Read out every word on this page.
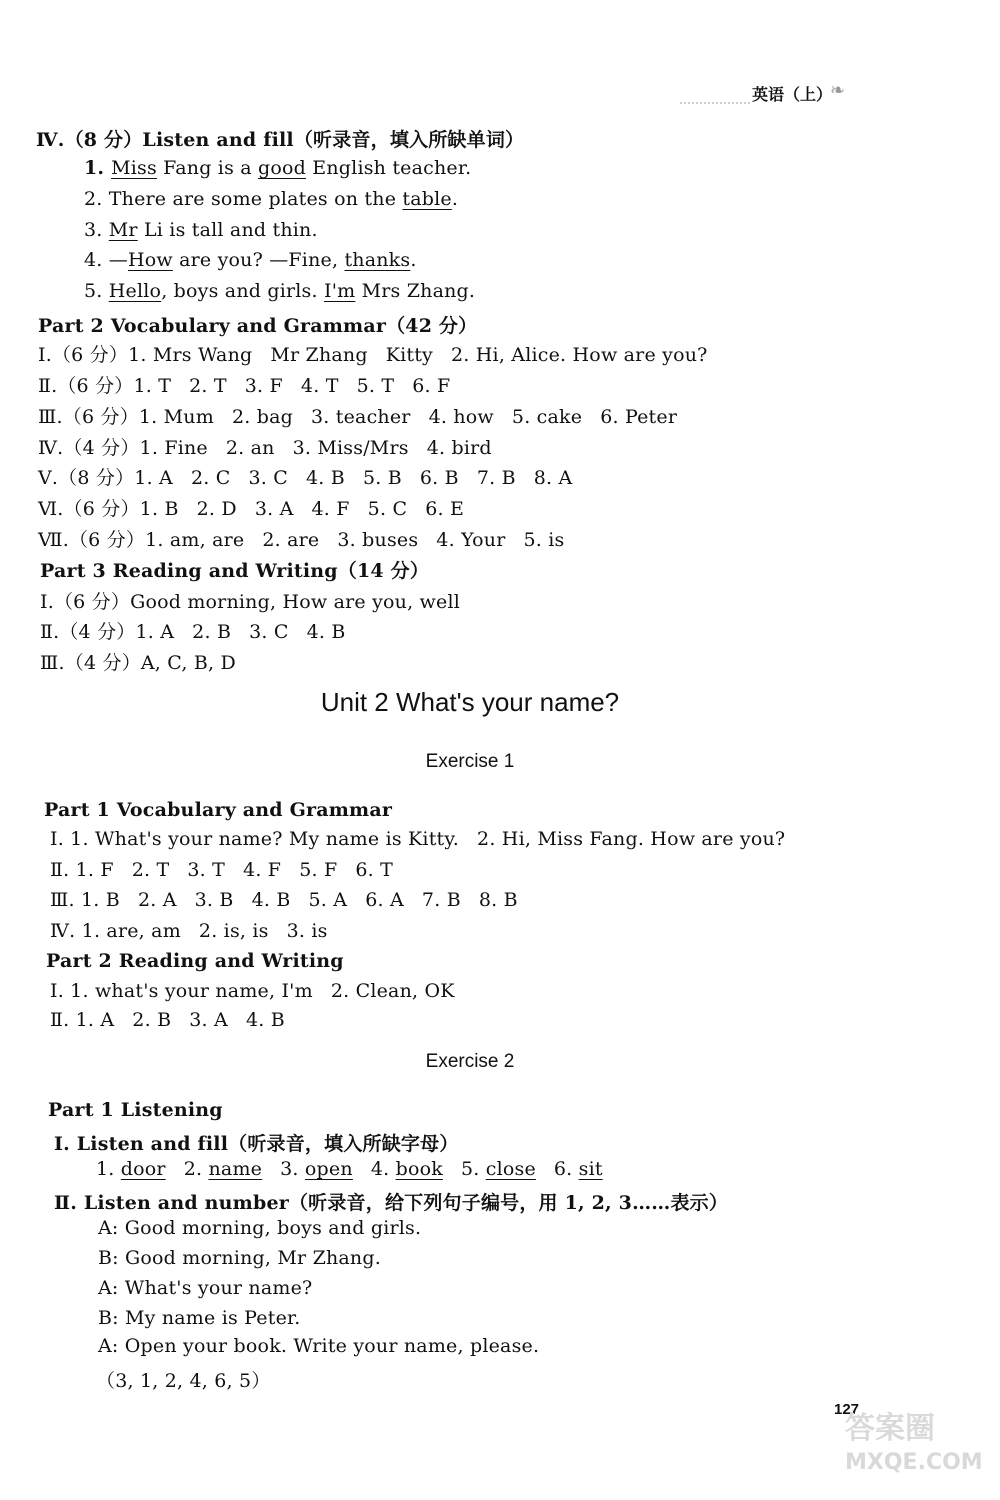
英语（上）
❧
Ⅳ.（8 分）Listen and fill（听录音，填入所缺单词）
1. Miss Fang is a good English teacher.
2. There are some plates on the table.
3. Mr Li is tall and thin.
4. —How are you? —Fine, thanks.
5. Hello, boys and girls. I'm Mrs Zhang.
Part 2 Vocabulary and Grammar（42 分）
Ⅰ.（6 分）1. Mrs Wang Mr Zhang Kitty 2. Hi, Alice. How are you?
Ⅱ.（6 分）1. T 2. T 3. F 4. T 5. T 6. F
Ⅲ.（6 分）1. Mum 2. bag 3. teacher 4. how 5. cake 6. Peter
Ⅳ.（4 分）1. Fine 2. an 3. Miss/Mrs 4. bird
Ⅴ.（8 分）1. A 2. C 3. C 4. B 5. B 6. B 7. B 8. A
Ⅵ.（6 分）1. B 2. D 3. A 4. F 5. C 6. E
Ⅶ.（6 分）1. am, are 2. are 3. buses 4. Your 5. is
Part 3 Reading and Writing（14 分）
Ⅰ.（6 分）Good morning, How are you, well
Ⅱ.（4 分）1. A 2. B 3. C 4. B
Ⅲ.（4 分）A, C, B, D
Unit 2 What's your name?
Exercise 1
Part 1 Vocabulary and Grammar
Ⅰ. 1. What's your name? My name is Kitty. 2. Hi, Miss Fang. How are you?
Ⅱ. 1. F 2. T 3. T 4. F 5. F 6. T
Ⅲ. 1. B 2. A 3. B 4. B 5. A 6. A 7. B 8. B
Ⅳ. 1. are, am 2. is, is 3. is
Part 2 Reading and Writing
Ⅰ. 1. what's your name, I'm 2. Clean, OK
Ⅱ. 1. A 2. B 3. A 4. B
Exercise 2
Part 1 Listening
Ⅰ. Listen and fill（听录音，填入所缺字母）
1. door 2. name 3. open 4. book 5. close 6. sit
Ⅱ. Listen and number（听录音，给下列句子编号，用 1, 2, 3……表示）
A: Good morning, boys and girls.
B: Good morning, Mr Zhang.
A: What's your name?
B: My name is Peter.
A: Open your book. Write your name, please.
（3, 1, 2, 4, 6, 5）
127
答案圈
MXQE.COM
